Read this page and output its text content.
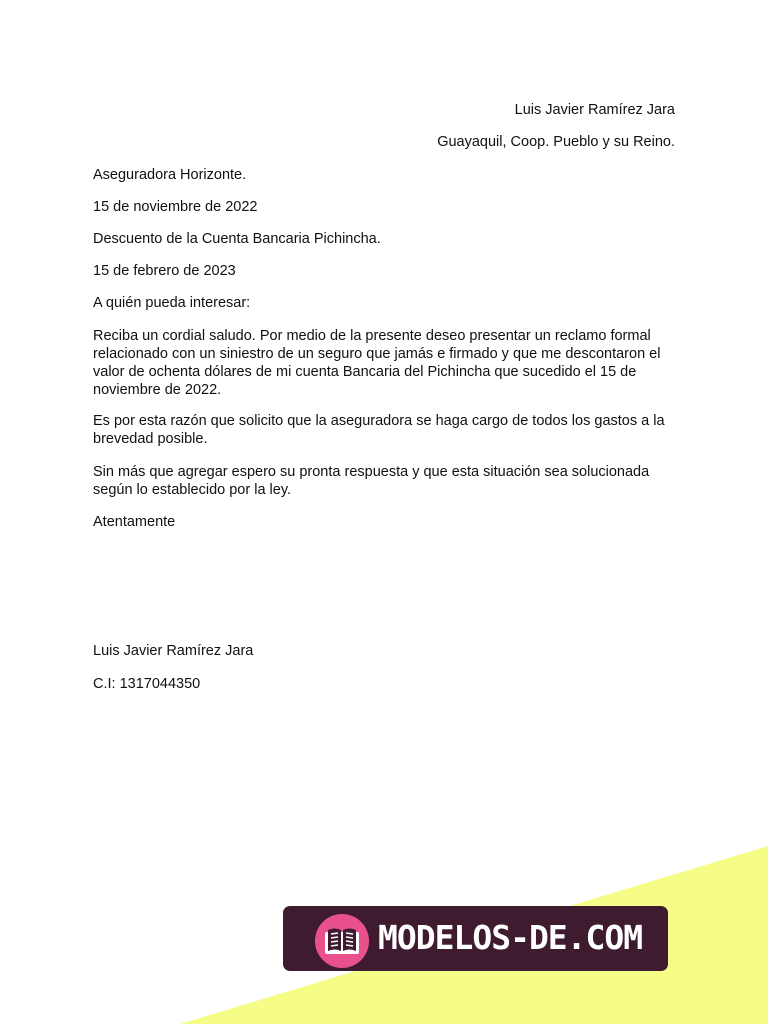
Luis Javier Ramírez Jara

Guayaquil, Coop. Pueblo y su Reino.

Aseguradora Horizonte.

15 de noviembre de 2022

Descuento de la Cuenta Bancaria Pichincha.

15 de febrero de 2023

A quién pueda interesar:

Reciba un cordial saludo. Por medio de la presente deseo presentar un reclamo formal relacionado con un siniestro de un seguro que jamás e firmado y que me descontaron el valor de ochenta dólares de mi cuenta Bancaria del Pichincha que sucedido el 15 de noviembre de 2022.

Es por esta razón que solicito que la aseguradora se haga cargo de todos los gastos a la brevedad posible.

Sin más que agregar espero su pronta respuesta y que esta situación sea solucionada según lo establecido por la ley.

Atentamente

Luis Javier Ramírez Jara

C.I: 1317044350

MODELOS-DE.COM
